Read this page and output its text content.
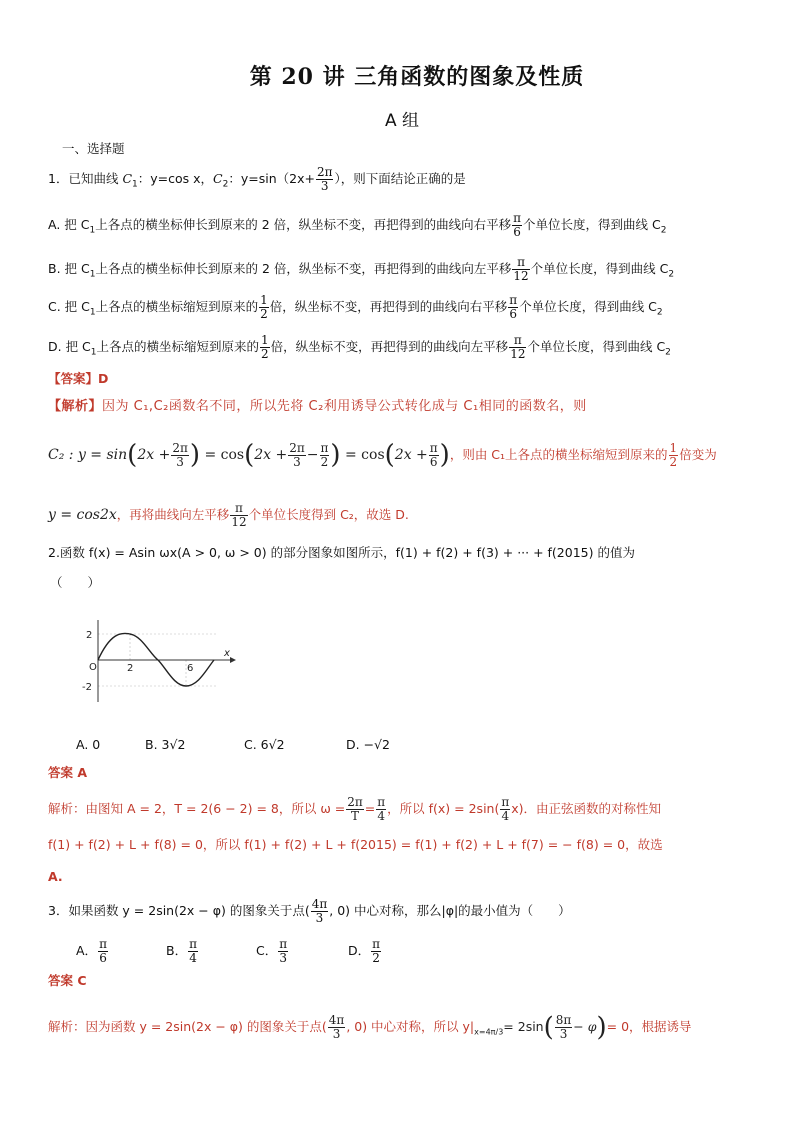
第 20 讲 三角函数的图象及性质
A 组
一、选择题
1．已知曲线 $C_1$：y=cos x，$C_2$：$y=\sin(2x+ \frac{2\pi}{3}$ ），则下面结论正确的是
A. 把 $C_1$上各点的横坐标伸长到原来的 2 倍，纵坐标不变，再把得到的曲线向右平移 $\frac{\pi}{6}$ 个单位长度，得到曲线 $C_2$
B. 把 $C_1$上各点的横坐标伸长到原来的 2 倍，纵坐标不变，再把得到的曲线向左平移 $\frac{\pi}{12}$ 个单位长度，得到曲线 $C_2$
C. 把 $C_1$上各点的横坐标缩短到原来的 $\frac{1}{2}$ 倍，纵坐标不变，再把得到的曲线向右平移 $\frac{\pi}{6}$ 个单位长度，得到曲线 $C_2$
D. 把 $C_1$上各点的横坐标缩短到原来的 $\frac{1}{2}$ 倍，纵坐标不变，再把得到的曲线向左平移 $\frac{\pi}{12}$ 个单位长度，得到曲线 $C_2$
【答案】D
【解析】因为 C₁,C₂函数名不同，所以先将 C₂利用诱导公式转化成与 C₁相同的函数名，则
C₂ : $y = \sin(2x + \frac{2\pi}{3}$ ) = $\cos(2x + \frac{2\pi}{3} - \frac{\pi}{2}$ ) = $\cos(2x + \frac{\pi}{6}$ )，则由 C₁上各点的横坐标缩短到原来的 $\frac{1}{2}$ 倍变为
y = cos2x，再将曲线向左平移 $\frac{\pi}{12}$ 个单位长度得到 C₂，故选 D.
2.函数 f(x) = Asin ωx(A > 0, ω > 0) 的部分图象如图所示，f(1) + f(2) + f(3) + ··· + f(2015) 的值为
（　　）
2
-2
O	2	6
x
A. 0	B. 3√2	C. 6√2	D. −√2
答案 A
解析：由图知 A = 2，T = 2(6 − 2) = 8，所以 $\omega = \frac{2\pi}{T} = \frac{\pi}{4}$ ，所以 $f(x) = 2\sin( \frac{\pi}{4} x)$．由正弦函数的对称性知
f(1) + f(2) + L + f(8) = 0，所以 f(1) + f(2) + L + f(2015) = f(1) + f(2) + L + f(7) = − f(8) = 0，故选
A.
3．如果函数 y = 2sin(2x − φ) 的图象关于点( $\frac{4\pi}{3}$ , 0) 中心对称，那么|φ|的最小值为（　　）
A． $\frac{\pi}{6}$	B． $\frac{\pi}{4}$	C． $\frac{\pi}{3}$	D． $\frac{\pi}{2}$
答案 C
解析：因为函数 y = 2sin(2x − φ) 的图象关于点( $\frac{4\pi}{3}$ , 0) 中心对称，所以 $y|_{x=4\pi/3}= 2\sin( \frac{8\pi}{3} - \varphi)= 0$，根据诱导
